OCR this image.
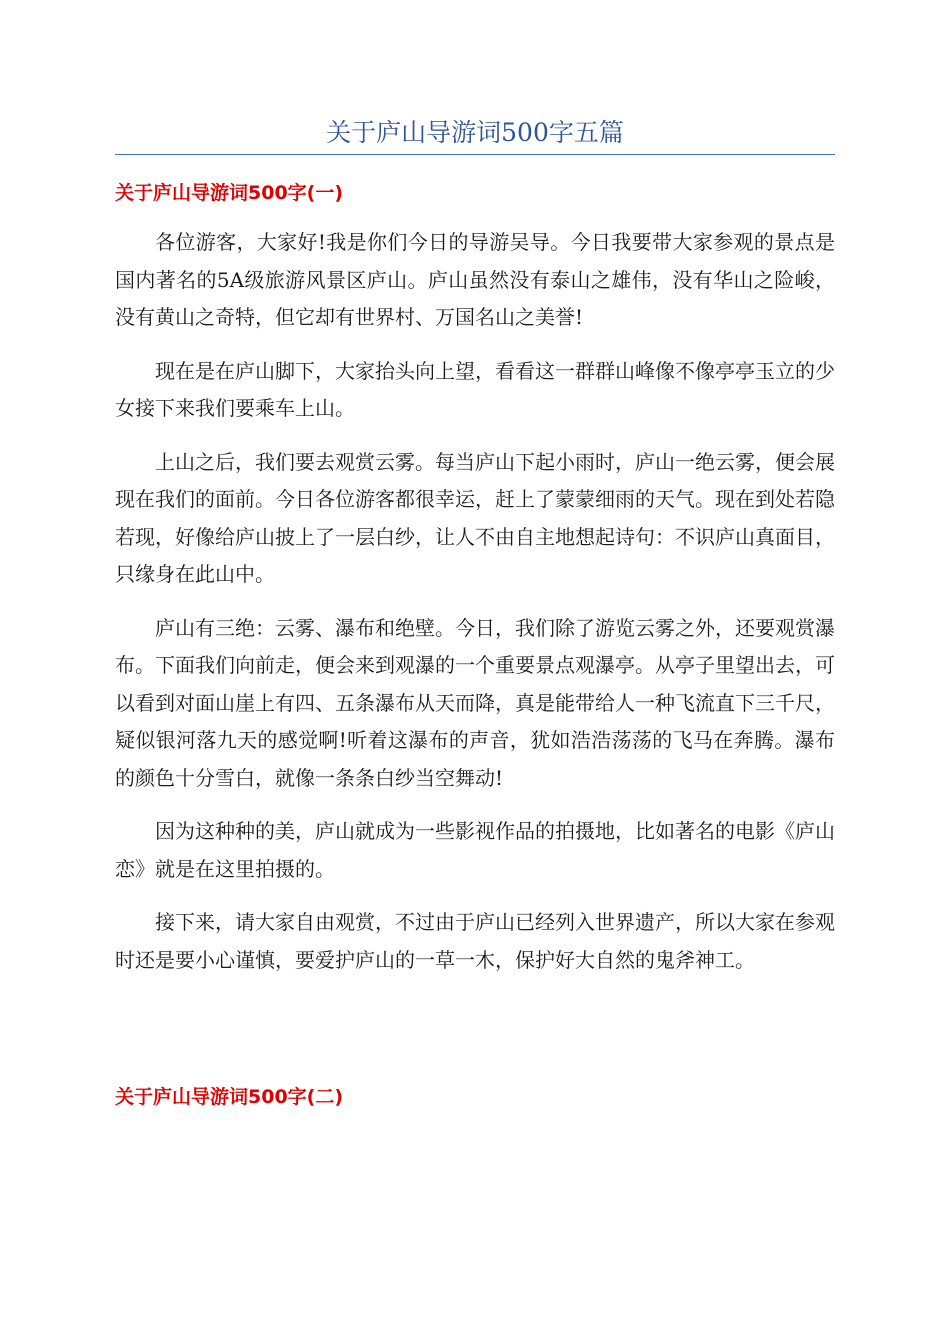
关于庐山导游词500字五篇
关于庐山导游词500字(一)

各位游客，大家好!我是你们今日的导游吴导。今日我要带大家参观的景点是国内著名的5A级旅游风景区庐山。庐山虽然没有泰山之雄伟，没有华山之险峻，没有黄山之奇特，但它却有世界村、万国名山之美誉!

现在是在庐山脚下，大家抬头向上望，看看这一群群山峰像不像亭亭玉立的少女接下来我们要乘车上山。

上山之后，我们要去观赏云雾。每当庐山下起小雨时，庐山一绝云雾，便会展现在我们的面前。今日各位游客都很幸运，赶上了蒙蒙细雨的天气。现在到处若隐若现，好像给庐山披上了一层白纱，让人不由自主地想起诗句：不识庐山真面目，只缘身在此山中。

庐山有三绝：云雾、瀑布和绝壁。今日，我们除了游览云雾之外，还要观赏瀑布。下面我们向前走，便会来到观瀑的一个重要景点观瀑亭。从亭子里望出去，可以看到对面山崖上有四、五条瀑布从天而降，真是能带给人一种飞流直下三千尺，疑似银河落九天的感觉啊!听着这瀑布的声音，犹如浩浩荡荡的飞马在奔腾。瀑布的颜色十分雪白，就像一条条白纱当空舞动!

因为这种种的美，庐山就成为一些影视作品的拍摄地，比如著名的电影《庐山恋》就是在这里拍摄的。

接下来，请大家自由观赏，不过由于庐山已经列入世界遗产，所以大家在参观时还是要小心谨慎，要爱护庐山的一草一木，保护好大自然的鬼斧神工。

关于庐山导游词500字(二)
